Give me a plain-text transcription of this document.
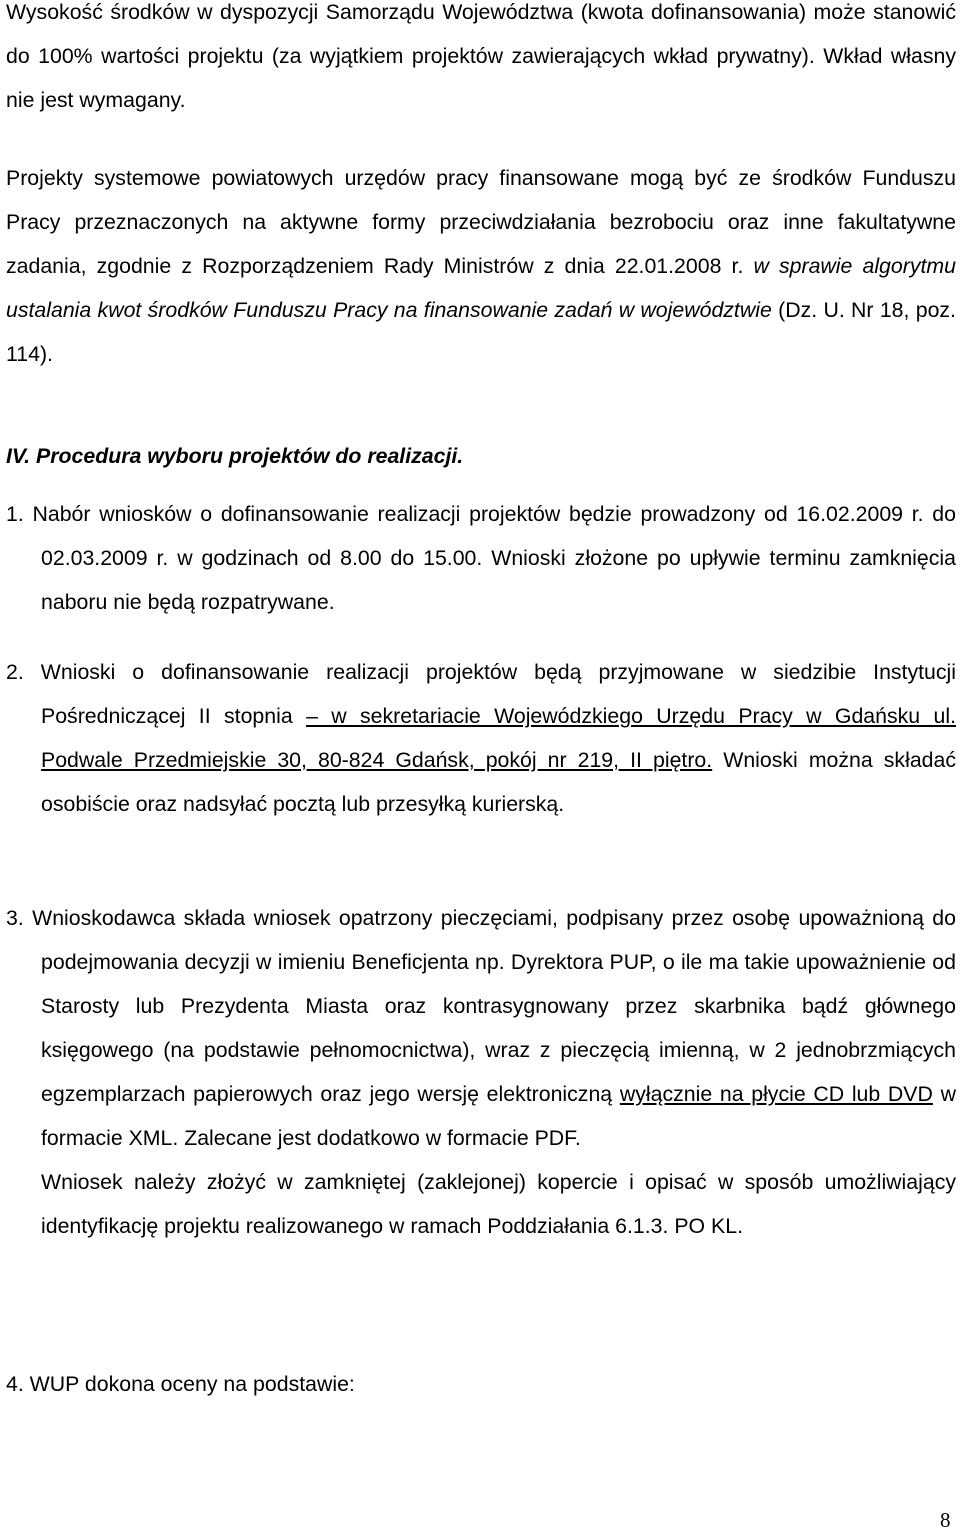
Wysokość środków w dyspozycji Samorządu Województwa (kwota dofinansowania) może stanowić do 100% wartości projektu (za wyjątkiem projektów zawierających wkład prywatny). Wkład własny nie jest wymagany.

Projekty systemowe powiatowych urzędów pracy finansowane mogą być ze środków Funduszu Pracy przeznaczonych na aktywne formy przeciwdziałania bezrobociu oraz inne fakultatywne zadania, zgodnie z Rozporządzeniem Rady Ministrów z dnia 22.01.2008 r. w sprawie algorytmu ustalania kwot środków Funduszu Pracy na finansowanie zadań w województwie (Dz. U. Nr 18, poz. 114).

IV. Procedura wyboru projektów do realizacji.

1. Nabór wniosków o dofinansowanie realizacji projektów będzie prowadzony od 16.02.2009 r. do 02.03.2009 r. w godzinach od 8.00 do 15.00. Wnioski złożone po upływie terminu zamknięcia naboru nie będą rozpatrywane.

2. Wnioski o dofinansowanie realizacji projektów będą przyjmowane w siedzibie Instytucji Pośredniczącej II stopnia – w sekretariacie Wojewódzkiego Urzędu Pracy w Gdańsku ul. Podwale Przedmiejskie 30, 80-824 Gdańsk, pokój nr 219, II piętro. Wnioski można składać osobiście oraz nadsyłać pocztą lub przesyłką kurierską.

3. Wnioskodawca składa wniosek opatrzony pieczęciami, podpisany przez osobę upoważnioną do podejmowania decyzji w imieniu Beneficjenta np. Dyrektora PUP, o ile ma takie upoważnienie od Starosty lub Prezydenta Miasta oraz kontrasygnowany przez skarbnika bądź głównego księgowego (na podstawie pełnomocnictwa), wraz z pieczęcią imienną, w 2 jednobrzmiących egzemplarzach papierowych oraz jego wersję elektroniczną wyłącznie na płycie CD lub DVD w formacie XML. Zalecane jest dodatkowo w formacie PDF.
Wniosek należy złożyć w zamkniętej (zaklejonej) kopercie i opisać w sposób umożliwiający identyfikację projektu realizowanego w ramach Poddziałania 6.1.3. PO KL.

4. WUP dokona oceny na podstawie:

8
